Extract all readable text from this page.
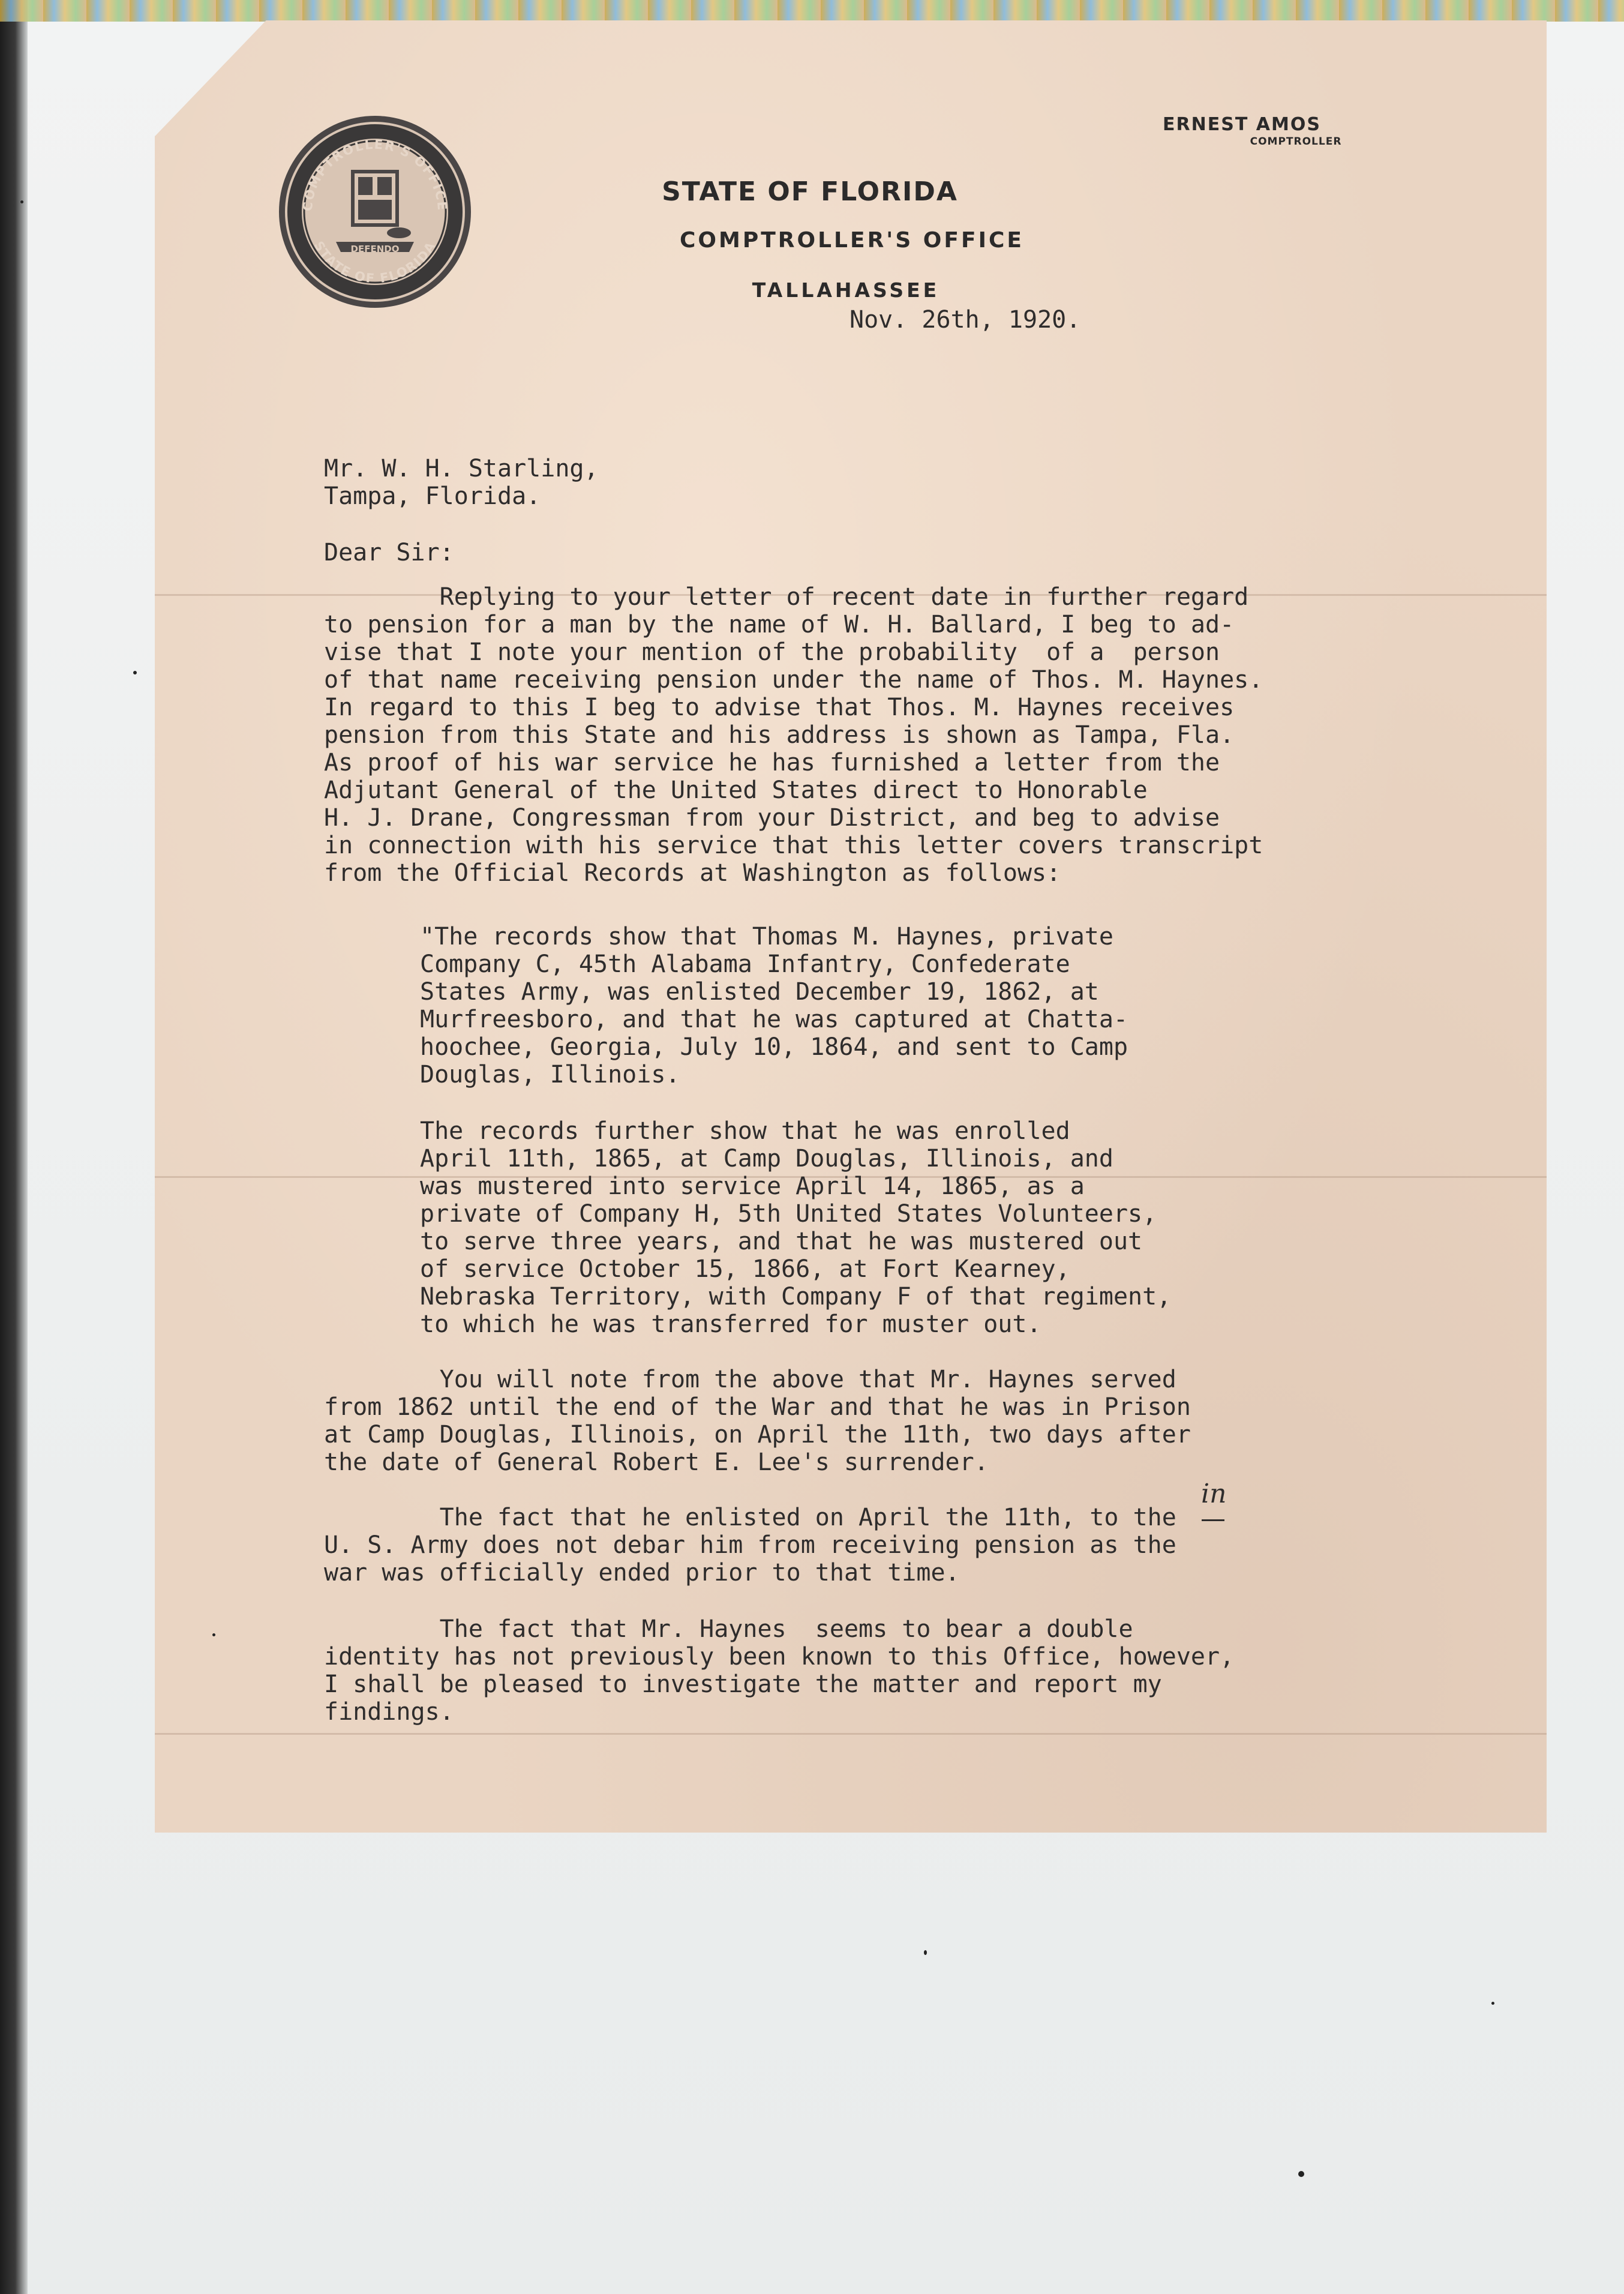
COMPTROLLER'S OFFICE
STATE OF FLORIDA
DEFENDO
STATE OF FLORIDA
COMPTROLLER'S OFFICE
TALLAHASSEE
ERNEST AMOS
COMPTROLLER
Nov. 26th, 1920.
Mr. W. H. Starling,
Tampa, Florida.
Dear Sir:
Replying to your letter of recent date in further regard
to pension for a man by the name of W. H. Ballard, I beg to ad-
vise that I note your mention of the probability  of a  person
of that name receiving pension under the name of Thos. M. Haynes.
In regard to this I beg to advise that Thos. M. Haynes receives
pension from this State and his address is shown as Tampa, Fla.
As proof of his war service he has furnished a letter from the
Adjutant General of the United States direct to Honorable
H. J. Drane, Congressman from your District, and beg to advise
in connection with his service that this letter covers transcript
from the Official Records at Washington as follows:
"The records show that Thomas M. Haynes, private
Company C, 45th Alabama Infantry, Confederate
States Army, was enlisted December 19, 1862, at
Murfreesboro, and that he was captured at Chatta-
hoochee, Georgia, July 10, 1864, and sent to Camp
Douglas, Illinois.
The records further show that he was enrolled
April 11th, 1865, at Camp Douglas, Illinois, and
was mustered into service April 14, 1865, as a
private of Company H, 5th United States Volunteers,
to serve three years, and that he was mustered out
of service October 15, 1866, at Fort Kearney,
Nebraska Territory, with Company F of that regiment,
to which he was transferred for muster out.
You will note from the above that Mr. Haynes served
from 1862 until the end of the War and that he was in Prison
at Camp Douglas, Illinois, on April the 11th, two days after
the date of General Robert E. Lee's surrender.
The fact that he enlisted on April the 11th, to the
U. S. Army does not debar him from receiving pension as the
war was officially ended prior to that time.
The fact that Mr. Haynes  seems to bear a double
identity has not previously been known to this Office, however,
I shall be pleased to investigate the matter and report my
findings.
in
